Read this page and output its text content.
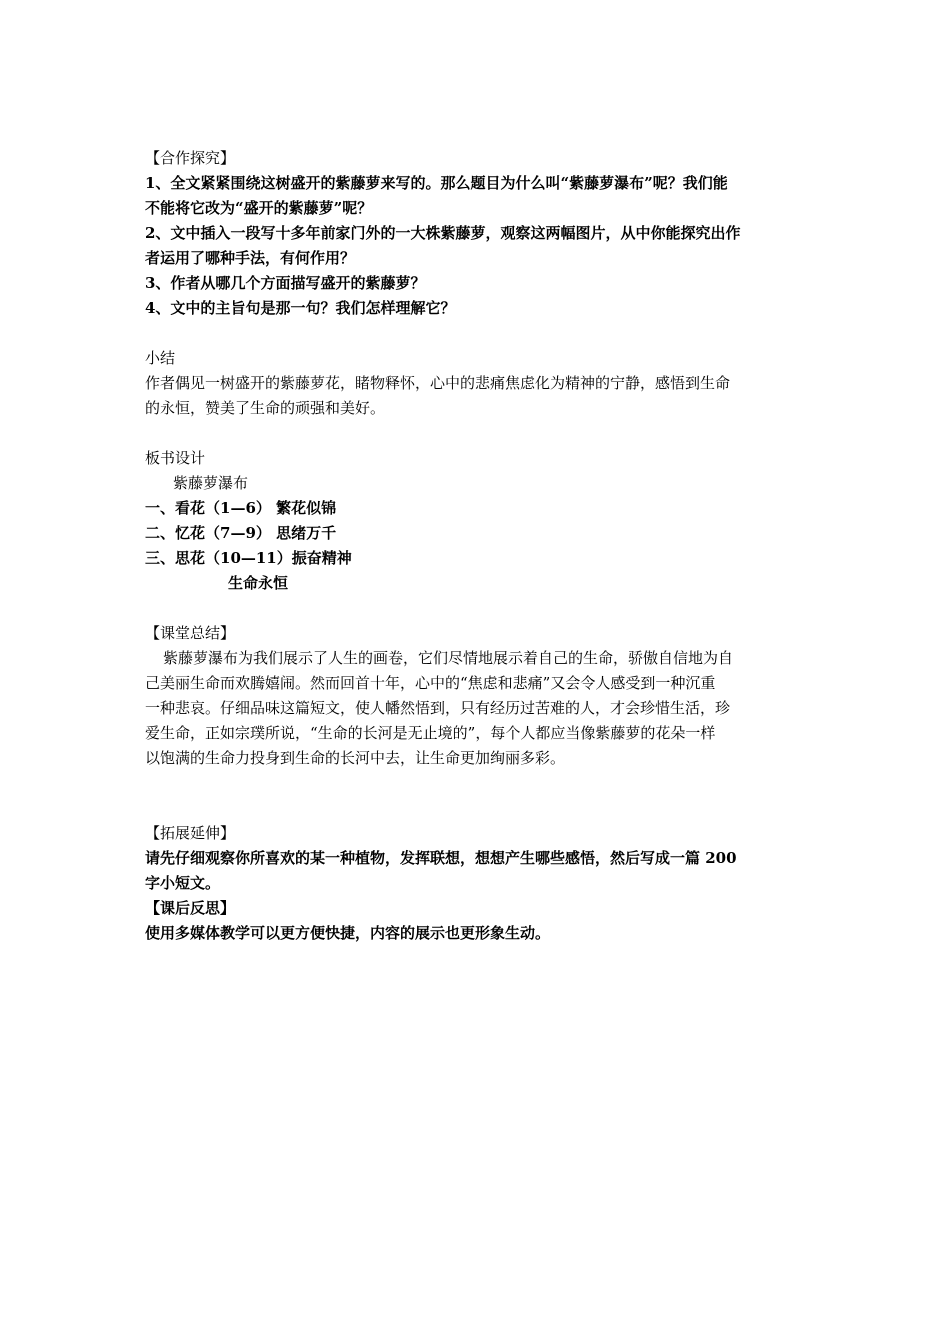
【合作探究】
1、全文紧紧围绕这树盛开的紫藤萝来写的。那么题目为什么叫“紫藤萝瀑布”呢？我们能
不能将它改为“盛开的紫藤萝”呢？
2、文中插入一段写十多年前家门外的一大株紫藤萝，观察这两幅图片，从中你能探究出作
者运用了哪种手法，有何作用？
3、作者从哪几个方面描写盛开的紫藤萝？
4、文中的主旨句是那一句？我们怎样理解它？
小结
作者偶见一树盛开的紫藤萝花，睹物释怀，心中的悲痛焦虑化为精神的宁静，感悟到生命
的永恒，赞美了生命的顽强和美好。
板书设计
紫藤萝瀑布
一、看花（1—6） 繁花似锦
二、忆花（7—9） 思绪万千
三、思花（10—11）振奋精神
生命永恒
【课堂总结】
紫藤萝瀑布为我们展示了人生的画卷，它们尽情地展示着自己的生命，骄傲自信地为自
己美丽生命而欢腾嬉闹。然而回首十年，心中的“焦虑和悲痛”又会令人感受到一种沉重
一种悲哀。仔细品味这篇短文，使人幡然悟到，只有经历过苦难的人，才会珍惜生活，珍
爱生命，正如宗璞所说，“生命的长河是无止境的”，每个人都应当像紫藤萝的花朵一样
以饱满的生命力投身到生命的长河中去，让生命更加绚丽多彩。
【拓展延伸】
请先仔细观察你所喜欢的某一种植物，发挥联想，想想产生哪些感悟，然后写成一篇 200
字小短文。
【课后反思】
使用多媒体教学可以更方便快捷，内容的展示也更形象生动。
